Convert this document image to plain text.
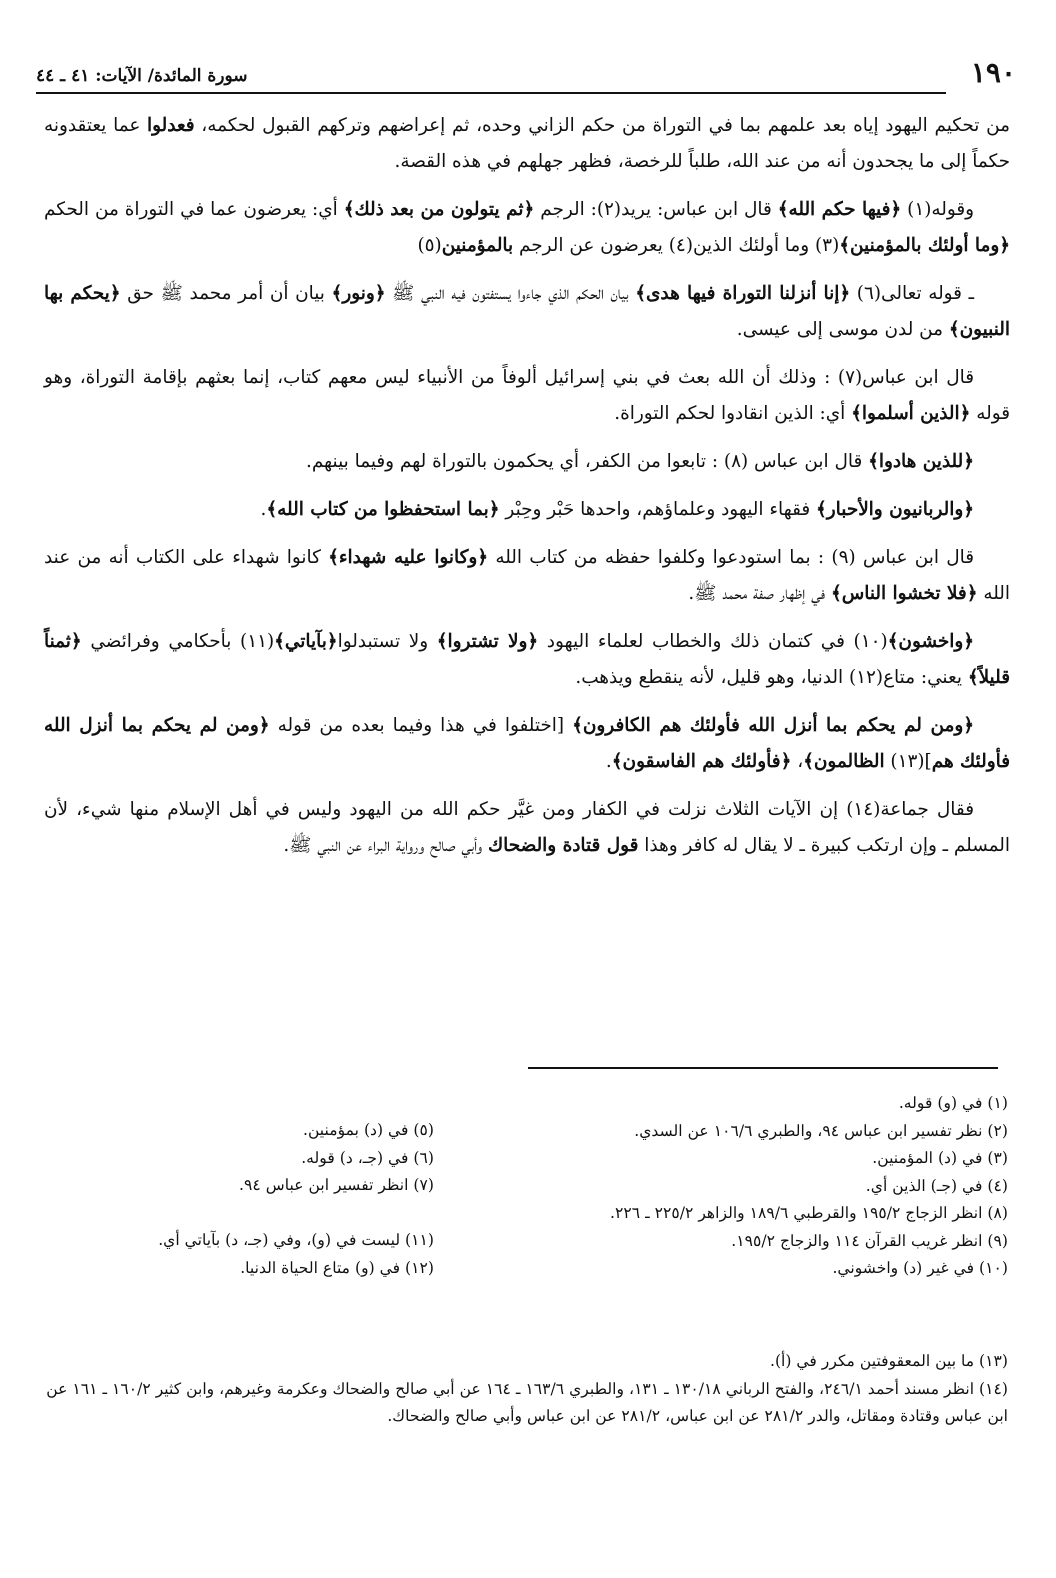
١٩٠
سورة المائدة/ الآيات: ٤١ ـ ٤٤

من تحكيم اليهود إياه بعد علمهم بما في التوراة من حكم الزاني وحده، ثم إعراضهم وتركهم القبول لحكمه، فعدلوا عما يعتقدونه حكماً إلى ما يجحدون أنه من عند الله، طلباً للرخصة، فظهر جهلهم في هذه القصة.

وقوله(١) ﴿فيها حكم الله﴾ قال ابن عباس: يريد(٢): الرجم ﴿ثم يتولون من بعد ذلك﴾ أي: يعرضون عما في التوراة من الحكم ﴿وما أولئك بالمؤمنين﴾(٣) وما أولئك الذين(٤) يعرضون عن الرجم بالمؤمنين(٥)

ـ قوله تعالى(٦) ﴿إنا أنزلنا التوراة فيها هدى﴾ بيان الحكم الذي جاءوا يستفتون فيه النبي ﷺ ﴿ونور﴾ بيان أن أمر محمد ﷺ حق ﴿يحكم بها النبيون﴾ من لدن موسى إلى عيسى.

قال ابن عباس(٧) : وذلك أن الله بعث في بني إسرائيل ألوفاً من الأنبياء ليس معهم كتاب، إنما بعثهم بإقامة التوراة، وهو قوله ﴿الذين أسلموا﴾ أي: الذين انقادوا لحكم التوراة.

﴿للذين هادوا﴾ قال ابن عباس (٨) : تابعوا من الكفر، أي يحكمون بالتوراة لهم وفيما بينهم.

﴿والربانيون والأحبار﴾ فقهاء اليهود وعلماؤهم، واحدها حَبْر وحِبْر ﴿بما استحفظوا من كتاب الله﴾.

قال ابن عباس (٩) : بما استودعوا وكلفوا حفظه من كتاب الله ﴿وكانوا عليه شهداء﴾ كانوا شهداء على الكتاب أنه من عند الله ﴿فلا تخشوا الناس﴾ في إظهار صفة محمد ﷺ.

﴿واخشون﴾(١٠) في كتمان ذلك والخطاب لعلماء اليهود ﴿ولا تشتروا﴾ ولا تستبدلوا﴿بآياتي﴾(١١) بأحكامي وفرائضي ﴿ثمناً قليلاً﴾ يعني: متاع(١٢) الدنيا، وهو قليل، لأنه ينقطع ويذهب.

﴿ومن لم يحكم بما أنزل الله فأولئك هم الكافرون﴾ [اختلفوا في هذا وفيما بعده من قوله ﴿ومن لم يحكم بما أنزل الله فأولئك هم](١٣) الظالمون﴾، ﴿فأولئك هم الفاسقون﴾.

فقال جماعة(١٤) إن الآيات الثلاث نزلت في الكفار ومن غيَّر حكم الله من اليهود وليس في أهل الإسلام منها شيء، لأن المسلم ـ وإن ارتكب كبيرة ـ لا يقال له كافر وهذا قول قتادة والضحاك وأبي صالح ورواية البراء عن النبي ﷺ.

(١) في (و) قوله.
(٢) نظر تفسير ابن عباس ٩٤، والطبري ١٠٦/٦ عن السدي.
(٣) في (د) المؤمنين.
(٤) في (جـ) الذين أي.
(٨) انظر الزجاج ١٩٥/٢ والقرطبي ١٨٩/٦ والزاهر ٢٢٥/٢ ـ ٢٢٦.
(٩) انظر غريب القرآن ١١٤ والزجاج ١٩٥/٢.
(١٠) في غير (د) واخشوني.
(٥) في (د) بمؤمنين.
(٦) في (جـ، د) قوله.
(٧) انظر تفسير ابن عباس ٩٤.

(١١) ليست في (و)، وفي (جـ، د) بآياتي أي.
(١٢) في (و) متاع الحياة الدنيا.
(١٣) ما بين المعقوفتين مكرر في (أ).
(١٤) انظر مسند أحمد ٢٤٦/١، والفتح الرباني ١٣٠/١٨ ـ ١٣١، والطبري ١٦٣/٦ ـ ١٦٤ عن أبي صالح والضحاك وعكرمة وغيرهم، وابن كثير ١٦٠/٢ ـ ١٦١ عن ابن عباس وقتادة ومقاتل، والدر ٢٨١/٢ عن ابن عباس، ٢٨١/٢ عن ابن عباس وأبي صالح والضحاك.
